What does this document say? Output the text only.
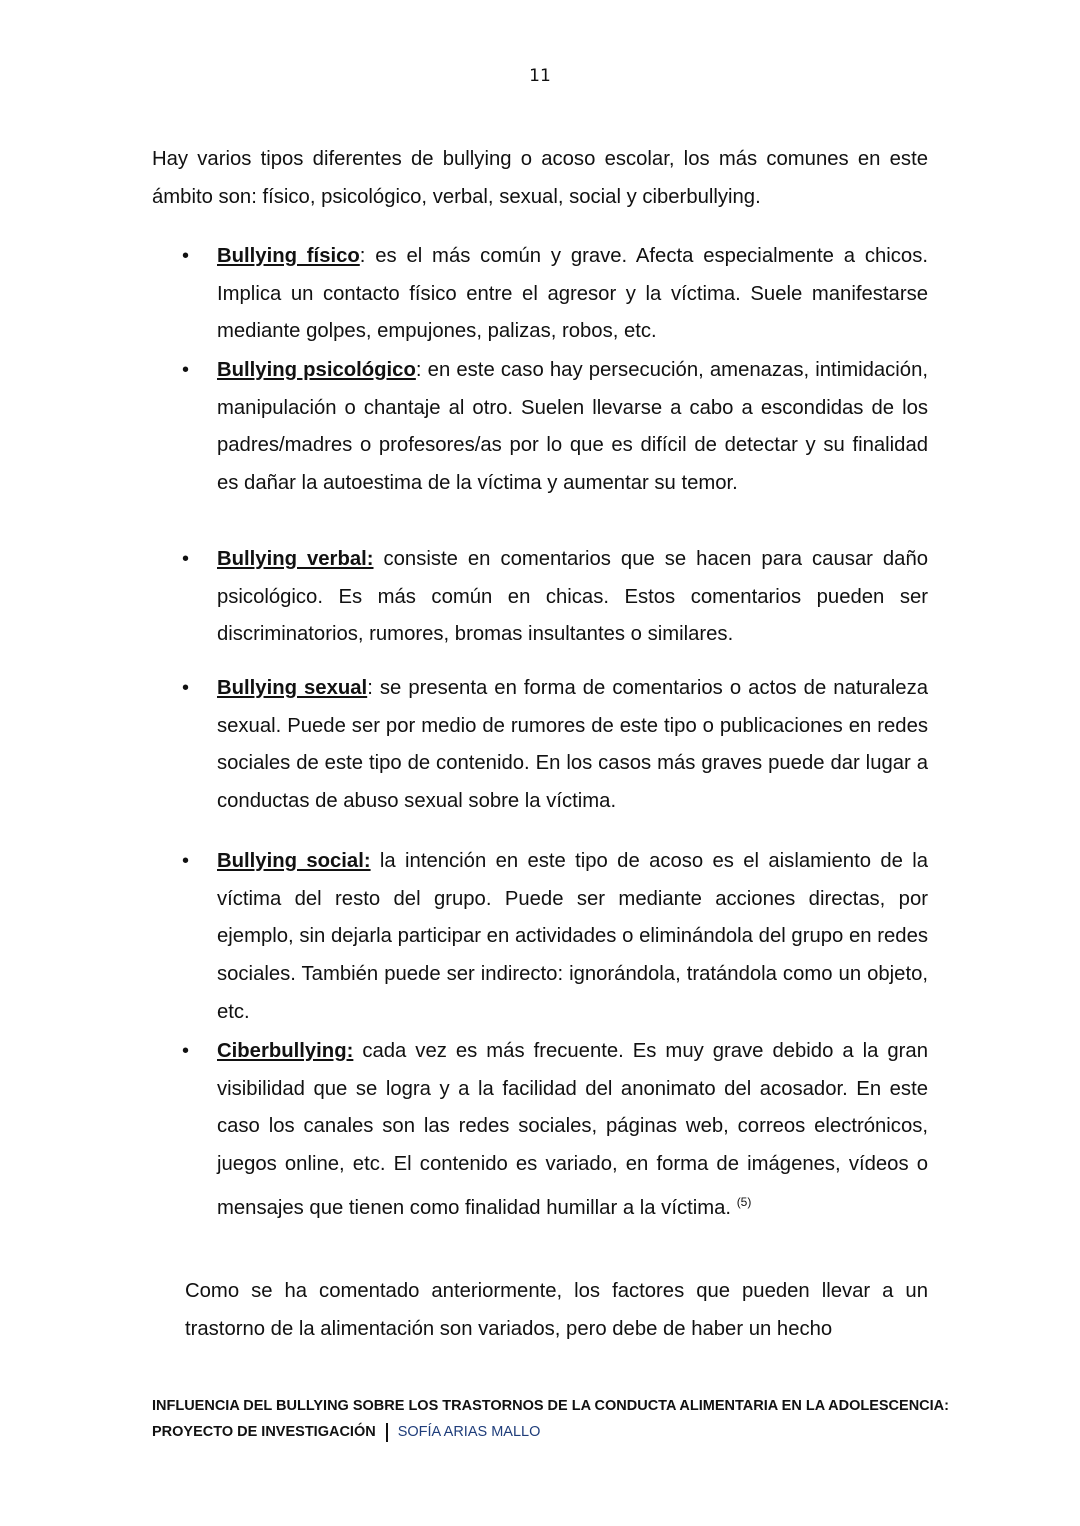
11

Hay varios tipos diferentes de bullying o acoso escolar, los más comunes en este ámbito son: físico, psicológico, verbal, sexual, social y ciberbullying.

• Bullying físico: es el más común y grave. Afecta especialmente a chicos. Implica un contacto físico entre el agresor y la víctima. Suele manifestarse mediante golpes, empujones, palizas, robos, etc.
• Bullying psicológico: en este caso hay persecución, amenazas, intimidación, manipulación o chantaje al otro. Suelen llevarse a cabo a escondidas de los padres/madres o profesores/as por lo que es difícil de detectar y su finalidad es dañar la autoestima de la víctima y aumentar su temor.
• Bullying verbal: consiste en comentarios que se hacen para causar daño psicológico. Es más común en chicas. Estos comentarios pueden ser discriminatorios, rumores, bromas insultantes o similares.
• Bullying sexual: se presenta en forma de comentarios o actos de naturaleza sexual. Puede ser por medio de rumores de este tipo o publicaciones en redes sociales de este tipo de contenido. En los casos más graves puede dar lugar a conductas de abuso sexual sobre la víctima.
• Bullying social: la intención en este tipo de acoso es el aislamiento de la víctima del resto del grupo. Puede ser mediante acciones directas, por ejemplo, sin dejarla participar en actividades o eliminándola del grupo en redes sociales. También puede ser indirecto: ignorándola, tratándola como un objeto, etc.
• Ciberbullying: cada vez es más frecuente. Es muy grave debido a la gran visibilidad que se logra y a la facilidad del anonimato del acosador. En este caso los canales son las redes sociales, páginas web, correos electrónicos, juegos online, etc. El contenido es variado, en forma de imágenes, vídeos o mensajes que tienen como finalidad humillar a la víctima. $^{(5)}$

Como se ha comentado anteriormente, los factores que pueden llevar a un trastorno de la alimentación son variados, pero debe de haber un hecho

INFLUENCIA DEL BULLYING SOBRE LOS TRASTORNOS DE LA CONDUCTA ALIMENTARIA EN LA ADOLESCENCIA:
PROYECTO DE INVESTIGACIÓN SOFÍA ARIAS MALLO
